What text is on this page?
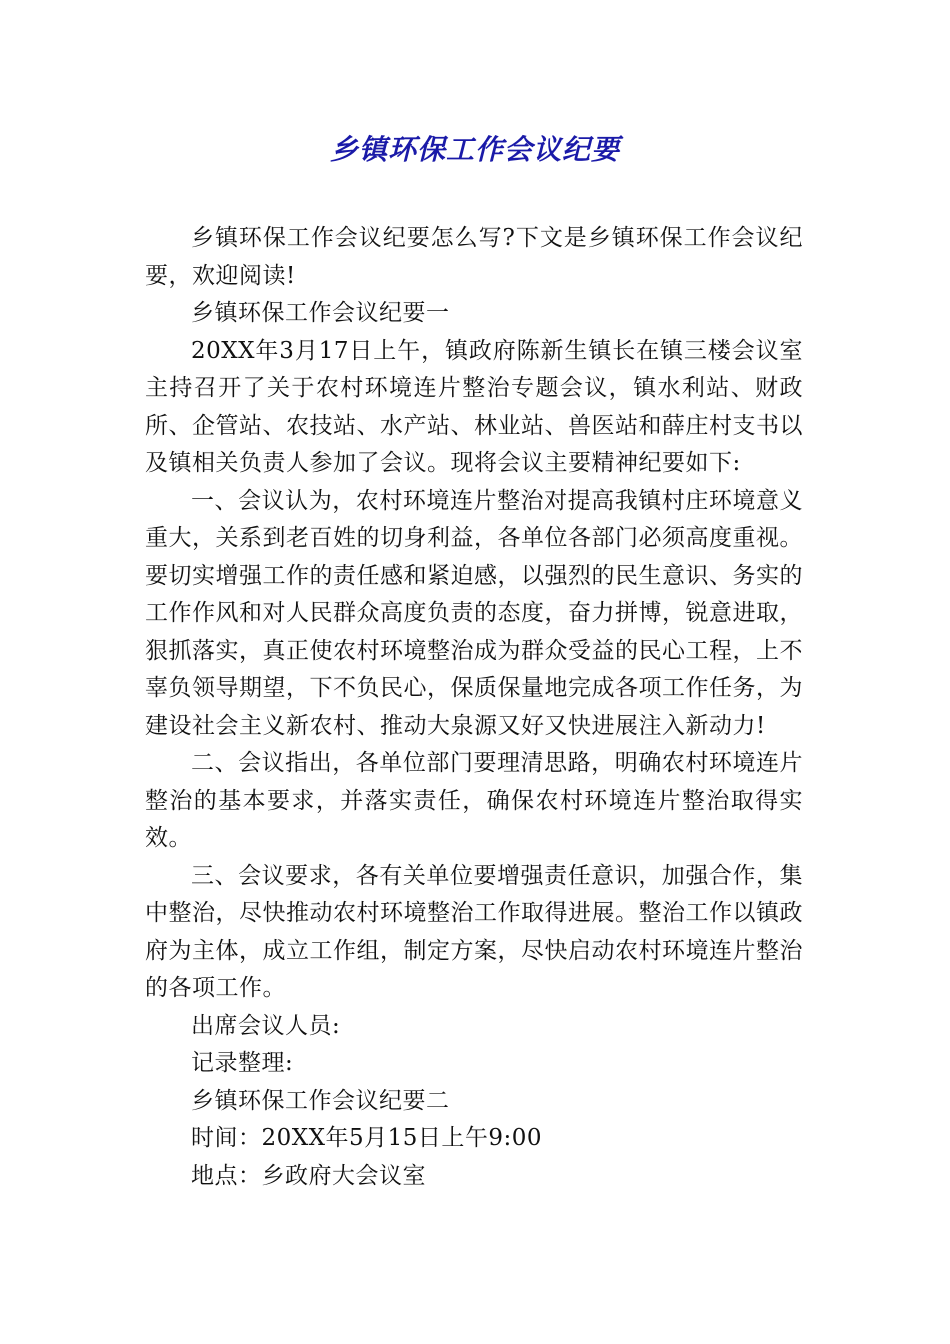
乡镇环保工作会议纪要

乡镇环保工作会议纪要怎么写?下文是乡镇环保工作会议纪要，欢迎阅读!

乡镇环保工作会议纪要一

20XX年3月17日上午，镇政府陈新生镇长在镇三楼会议室主持召开了关于农村环境连片整治专题会议，镇水利站、财政所、企管站、农技站、水产站、林业站、兽医站和薛庄村支书以及镇相关负责人参加了会议。现将会议主要精神纪要如下:

一、会议认为，农村环境连片整治对提高我镇村庄环境意义重大，关系到老百姓的切身利益，各单位各部门必须高度重视。要切实增强工作的责任感和紧迫感，以强烈的民生意识、务实的工作作风和对人民群众高度负责的态度，奋力拼博，锐意进取，狠抓落实，真正使农村环境整治成为群众受益的民心工程，上不辜负领导期望，下不负民心，保质保量地完成各项工作任务，为建设社会主义新农村、推动大泉源又好又快进展注入新动力!

二、会议指出，各单位部门要理清思路，明确农村环境连片整治的基本要求，并落实责任，确保农村环境连片整治取得实效。

三、会议要求，各有关单位要增强责任意识，加强合作，集中整治，尽快推动农村环境整治工作取得进展。整治工作以镇政府为主体，成立工作组，制定方案，尽快启动农村环境连片整治的各项工作。

出席会议人员:

记录整理:

乡镇环保工作会议纪要二

时间：20XX年5月15日上午9:00

地点：乡政府大会议室
